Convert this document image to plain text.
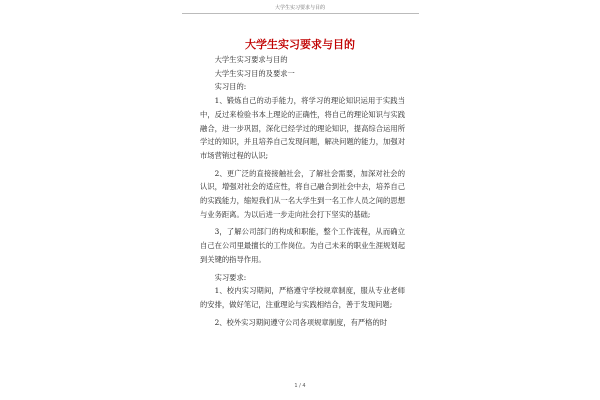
大学生实习要求与目的
大学生实习要求与目的

大学生实习要求与目的

大学生实习目的及要求一

实习目的:

1、锻炼自己的动手能力，将学习的理论知识运用于实践当中，反过来检验书本上理论的正确性，将自己的理论知识与实践融合，进一步巩固，深化已经学过的理论知识，提高综合运用所学过的知识，并且培养自己发现问题，解决问题的能力，加强对市场营销过程的认识;

2、更广泛的直接接触社会，了解社会需要，加深对社会的认识，增强对社会的适应性，将自己融合到社会中去，培养自己的实践能力，缩短我们从一名大学生到一名工作人员之间的思想与业务距离。为以后进一步走向社会打下坚实的基础;

3，了解公司部门的构成和职能，整个工作流程，从而确立自己在公司里最擅长的工作岗位。为自己未来的职业生涯规划起到关键的指导作用。

实习要求:

1、校内实习期间，严格遵守学校规章制度，服从专业老师的安排，做好笔记，注重理论与实践相结合，善于发现问题;

2、校外实习期间遵守公司各项规章制度，有严格的时

1 / 4
